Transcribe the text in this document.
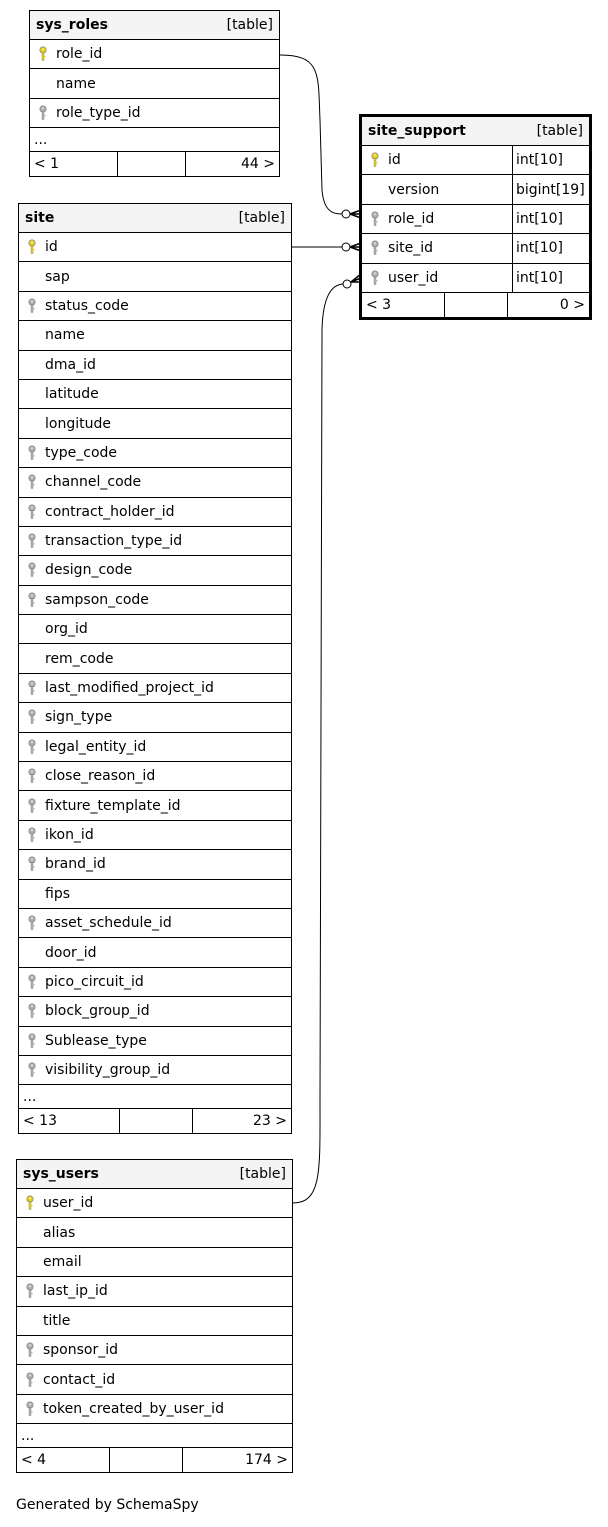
sys_roles	[table]
role_id
name
role_type_id
...
< 1	44 >
site	[table]
id
sap
status_code
name
dma_id
latitude
longitude
type_code
channel_code
contract_holder_id
transaction_type_id
design_code
sampson_code
org_id
rem_code
last_modified_project_id
sign_type
legal_entity_id
close_reason_id
fixture_template_id
ikon_id
brand_id
fips
asset_schedule_id
door_id
pico_circuit_id
block_group_id
Sublease_type
visibility_group_id
...
< 13	23 >
site_support	[table]
id	int[10]
version	bigint[19]
role_id	int[10]
site_id	int[10]
user_id	int[10]
< 3	0 >
sys_users	[table]
user_id
alias
email
last_ip_id
title
sponsor_id
contact_id
token_created_by_user_id
...
< 4	174 >
Generated by SchemaSpy
